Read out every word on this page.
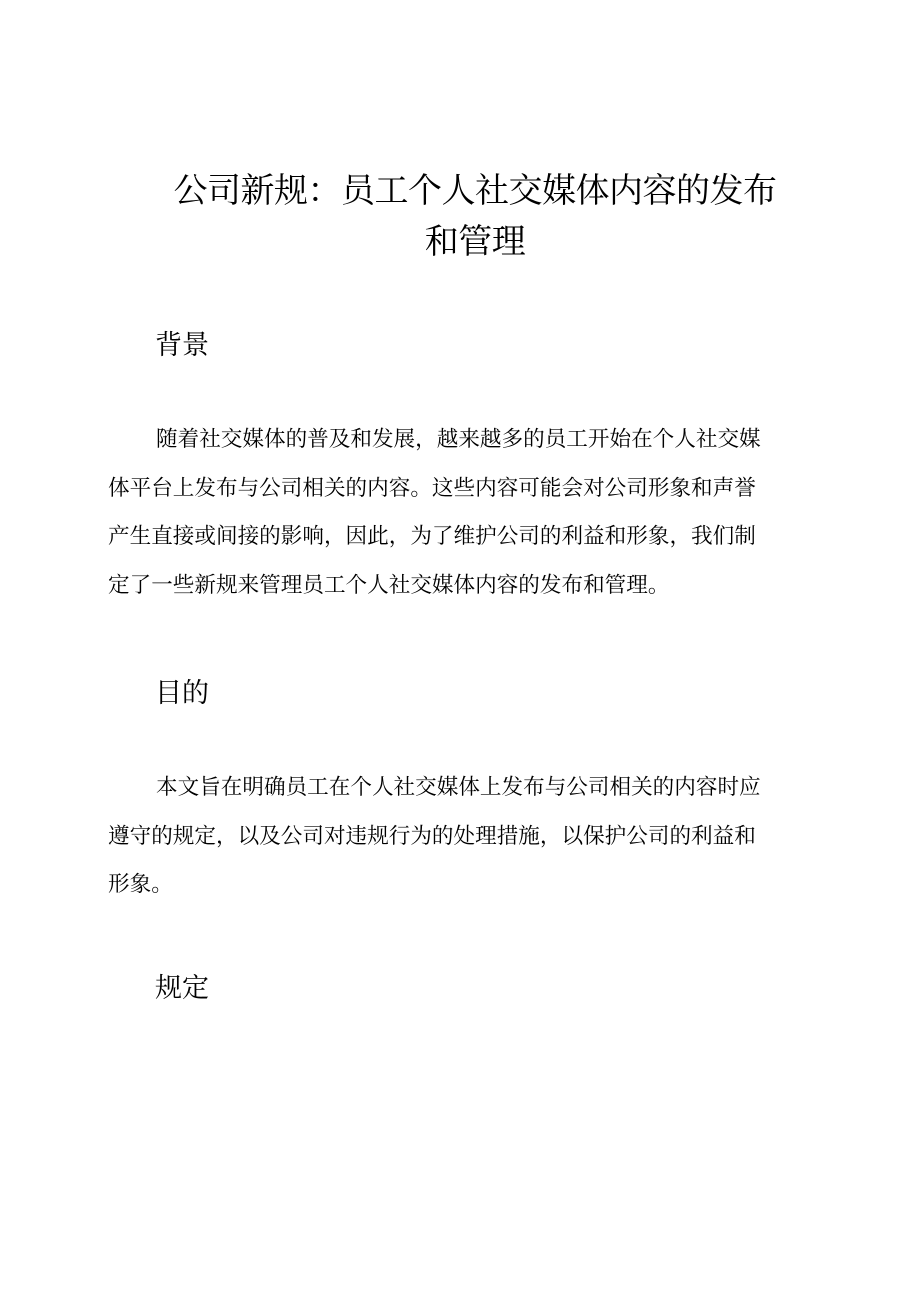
公司新规：员工个人社交媒体内容的发布
和管理
背景

随着社交媒体的普及和发展，越来越多的员工开始在个人社交媒
体平台上发布与公司相关的内容。这些内容可能会对公司形象和声誉
产生直接或间接的影响，因此，为了维护公司的利益和形象，我们制
定了一些新规来管理员工个人社交媒体内容的发布和管理。

目的

本文旨在明确员工在个人社交媒体上发布与公司相关的内容时应
遵守的规定，以及公司对违规行为的处理措施，以保护公司的利益和
形象。

规定
